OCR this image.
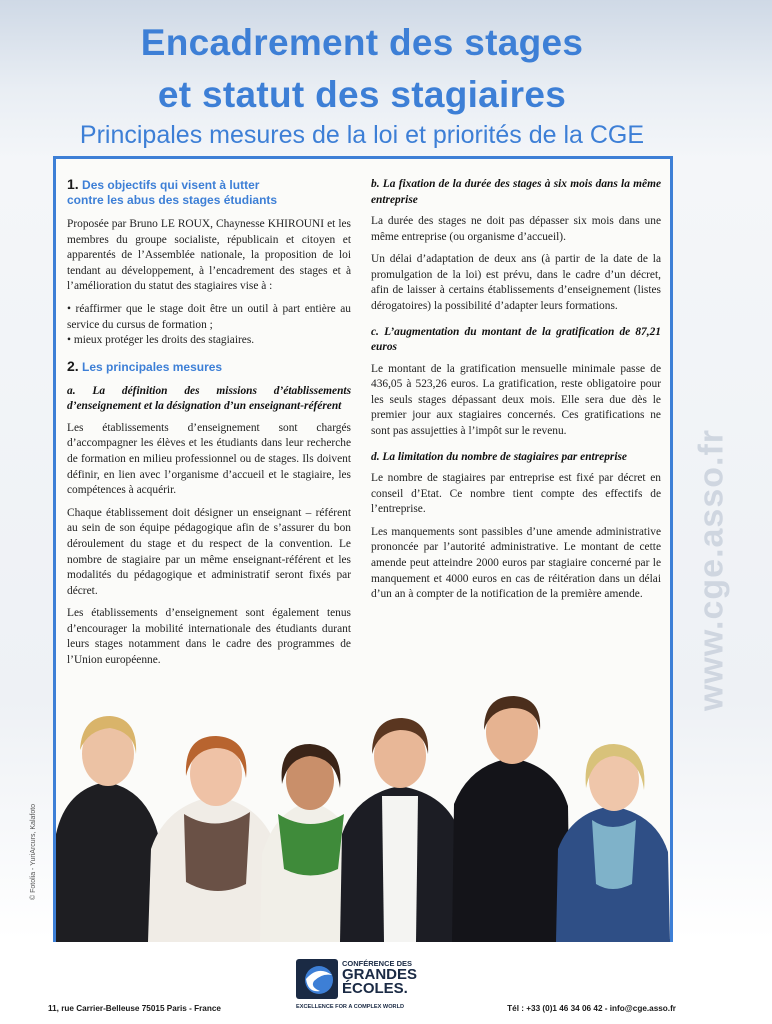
Encadrement des stages
et statut des stagiaires
Principales mesures de la loi et priorités de la CGE
www.cge.asso.fr
1. Des objectifs qui visent à lutter
contre les abus des stages étudiants

Proposée par Bruno LE ROUX, Chaynesse KHIROUNI et les membres du groupe socialiste, républicain et citoyen et apparentés de l’Assemblée nationale, la proposition de loi tendant au développement, à l’encadrement des stages et à l’amélioration du statut des stagiaires vise à :

• réaffirmer que le stage doit être un outil à part entière au service du cursus de formation ;

• mieux protéger les droits des stagiaires.

2. Les principales mesures
a. La définition des missions d’établissements d’enseignement et la désignation d’un enseignant-référent

Les établissements d’enseignement sont chargés d’accompagner les élèves et les étudiants dans leur recherche de formation en milieu professionnel ou de stages. Ils doivent définir, en lien avec l’organisme d’accueil et le stagiaire, les compétences à acquérir.

Chaque établissement doit désigner un enseignant – référent au sein de son équipe pédagogique afin de s’assurer du bon déroulement du stage et du respect de la convention. Le nombre de stagiaire par un même enseignant-référent et les modalités du pédagogique et administratif seront fixés par décret.

Les établissements d’enseignement sont également tenus d’encourager la mobilité internationale des étudiants durant leurs stages notamment dans le cadre des programmes de l’Union européenne.

b. La fixation de la durée des stages à six mois dans la même entreprise

La durée des stages ne doit pas dépasser six mois dans une même entreprise (ou organisme d’accueil).

Un délai d’adaptation de deux ans (à partir de la date de la promulgation de la loi) est prévu, dans le cadre d’un décret, afin de laisser à certains établissements d’enseignement (listes dérogatoires) la possibilité d’adapter leurs formations.

c. L’augmentation du montant de la gratification de 87,21 euros

Le montant de la gratification mensuelle minimale passe de 436,05 à 523,26 euros. La gratification, reste obligatoire pour les seuls stages dépassant deux mois. Elle sera due dès le premier jour aux stagiaires concernés. Ces gratifications ne sont pas assujetties à l’impôt sur le revenu.

d. La limitation du nombre de stagiaires par entreprise

Le nombre de stagiaires par entreprise est fixé par décret en conseil d’Etat. Ce nombre tient compte des effectifs de l’entreprise.

Les manquements sont passibles d’une amende administrative prononcée par l’autorité administrative. Le montant de cette amende peut atteindre 2000 euros par stagiaire concerné par le manquement et 4000 euros en cas de réitération dans un délai d’un an à compter de la notification de la première amende.

© Fotolia - YuriArcurs, Kalafoto
CONFÉRENCE DES
GRANDES
ÉCOLES.
EXCELLENCE FOR A COMPLEX WORLD
11, rue Carrier-Belleuse 75015 Paris - France	Tél : +33 (0)1 46 34 06 42 - info@cge.asso.fr
